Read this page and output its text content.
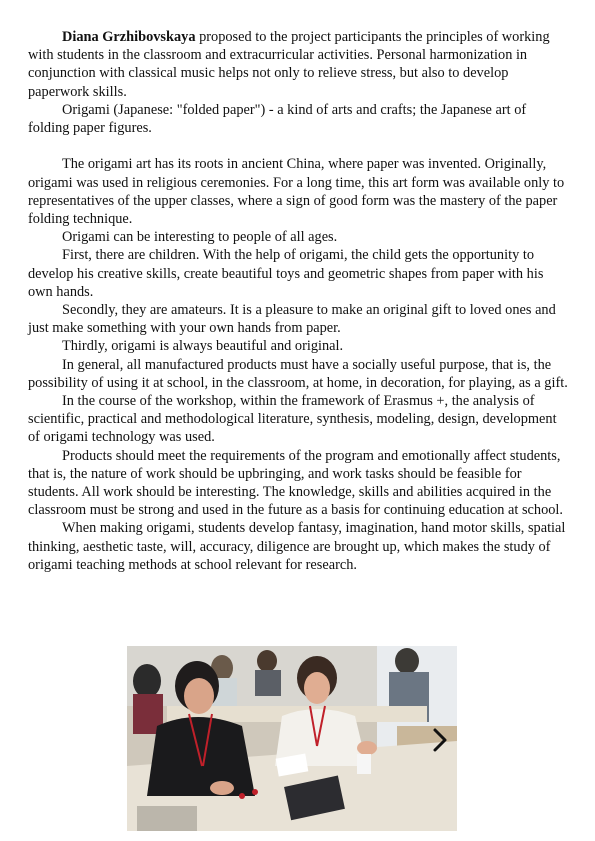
Diana Grzhibovskaya proposed to the project participants the principles of working with students in the classroom and extracurricular activities. Personal harmonization in conjunction with classical music helps not only to relieve stress, but also to develop paperwork skills.

Origami (Japanese: "folded paper") - a kind of arts and crafts; the Japanese art of folding paper figures.

The origami art has its roots in ancient China, where paper was invented. Originally, origami was used in religious ceremonies. For a long time, this art form was available only to representatives of the upper classes, where a sign of good form was the mastery of the paper folding technique.

Origami can be interesting to people of all ages.

First, there are children. With the help of origami, the child gets the opportunity to develop his creative skills, create beautiful toys and geometric shapes from paper with his own hands.

Secondly, they are amateurs. It is a pleasure to make an original gift to loved ones and just make something with your own hands from paper.

Thirdly, origami is always beautiful and original.

In general, all manufactured products must have a socially useful purpose, that is, the possibility of using it at school, in the classroom, at home, in decoration, for playing, as a gift.

In the course of the workshop, within the framework of Erasmus +, the analysis of scientific, practical and methodological literature, synthesis, modeling, design, development of origami technology was used.

Products should meet the requirements of the program and emotionally affect students, that is, the nature of work should be upbringing, and work tasks should be feasible for students. All work should be interesting. The knowledge, skills and abilities acquired in the classroom must be strong and used in the future as a basis for continuing education at school.

When making origami, students develop fantasy, imagination, hand motor skills, spatial thinking, aesthetic taste, will, accuracy, diligence are brought up, which makes the study of origami teaching methods at school relevant for research.
